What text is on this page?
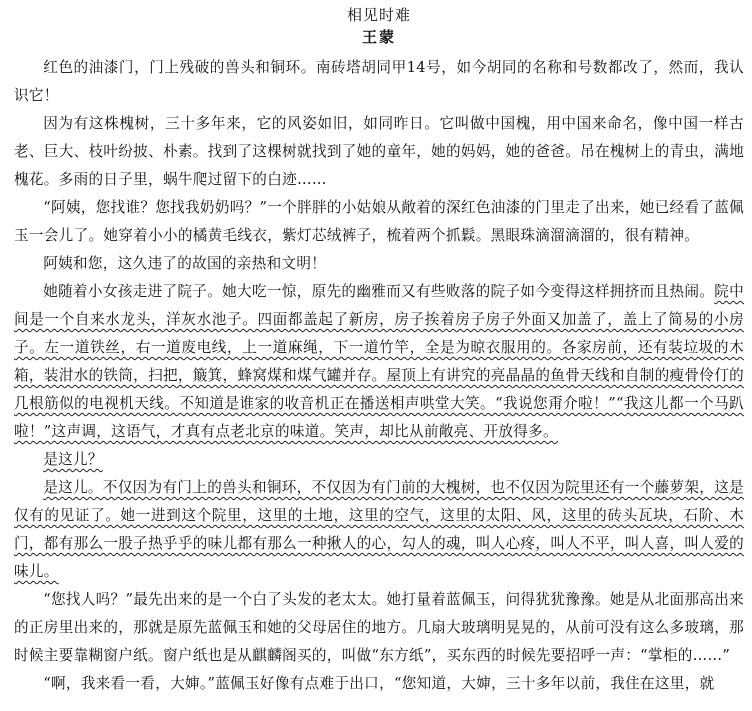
相见时难
王蒙

红色的油漆门，门上残破的兽头和铜环。南砖塔胡同甲14号，如今胡同的名称和号数都改了，然而，我认识它！

因为有这株槐树，三十多年来，它的风姿如旧，如同昨日。它叫做中国槐，用中国来命名，像中国一样古老、巨大、枝叶纷披、朴素。找到了这棵树就找到了她的童年，她的妈妈，她的爸爸。吊在槐树上的青虫，满地槐花。多雨的日子里，蜗牛爬过留下的白迹……

“阿姨，您找谁？您找我奶奶吗？”一个胖胖的小姑娘从敞着的深红色油漆的门里走了出来，她已经看了蓝佩玉一会儿了。她穿着小小的橘黄毛线衣，紫灯芯绒裤子，梳着两个抓鬏。黑眼珠滴溜滴溜的，很有精神。

阿姨和您，这久违了的故国的亲热和文明！

她随着小女孩走进了院子。她大吃一惊，原先的幽雅而又有些败落的院子如今变得这样拥挤而且热闹。院中间是一个自来水龙头，洋灰水池子。四面都盖起了新房，房子挨着房子房子外面又加盖了，盖上了简易的小房子。左一道铁丝，右一道废电线，上一道麻绳，下一道竹竿，全是为晾衣服用的。各家房前，还有装垃圾的木箱，装泔水的铁筒，扫把，簸箕，蜂窝煤和煤气罐并存。屋顶上有讲究的亮晶晶的鱼骨天线和自制的瘦骨伶仃的几根筋似的电视机天线。不知道是谁家的收音机正在播送相声哄堂大笑。“我说您甭介啦！”“我这儿都一个马趴啦！”这声调，这语气，才真有点老北京的味道。笑声，却比从前敞亮、开放得多。

是这儿？

是这儿。不仅因为有门上的兽头和铜环，不仅因为有门前的大槐树，也不仅因为院里还有一个藤萝架，这是仅有的见证了。她一进到这个院里，这里的土地，这里的空气，这里的太阳、风，这里的砖头瓦块，石阶、木门，都有那么一股子热乎乎的味儿都有那么一种揪人的心，勾人的魂，叫人心疼，叫人不平，叫人喜，叫人爱的味儿。

“您找人吗？”最先出来的是一个白了头发的老太太。她打量着蓝佩玉，问得犹犹豫豫。她是从北面那高出来的正房里出来的，那就是原先蓝佩玉和她的父母居住的地方。几扇大玻璃明晃晃的，从前可没有这么多玻璃，那时候主要靠糊窗户纸。窗户纸也是从麒麟阁买的，叫做“东方纸”，买东西的时候先要招呼一声：“掌柜的……”

“啊，我来看一看，大婶。”蓝佩玉好像有点难于出口，“您知道，大婶，三十多年以前，我住在这里，就
